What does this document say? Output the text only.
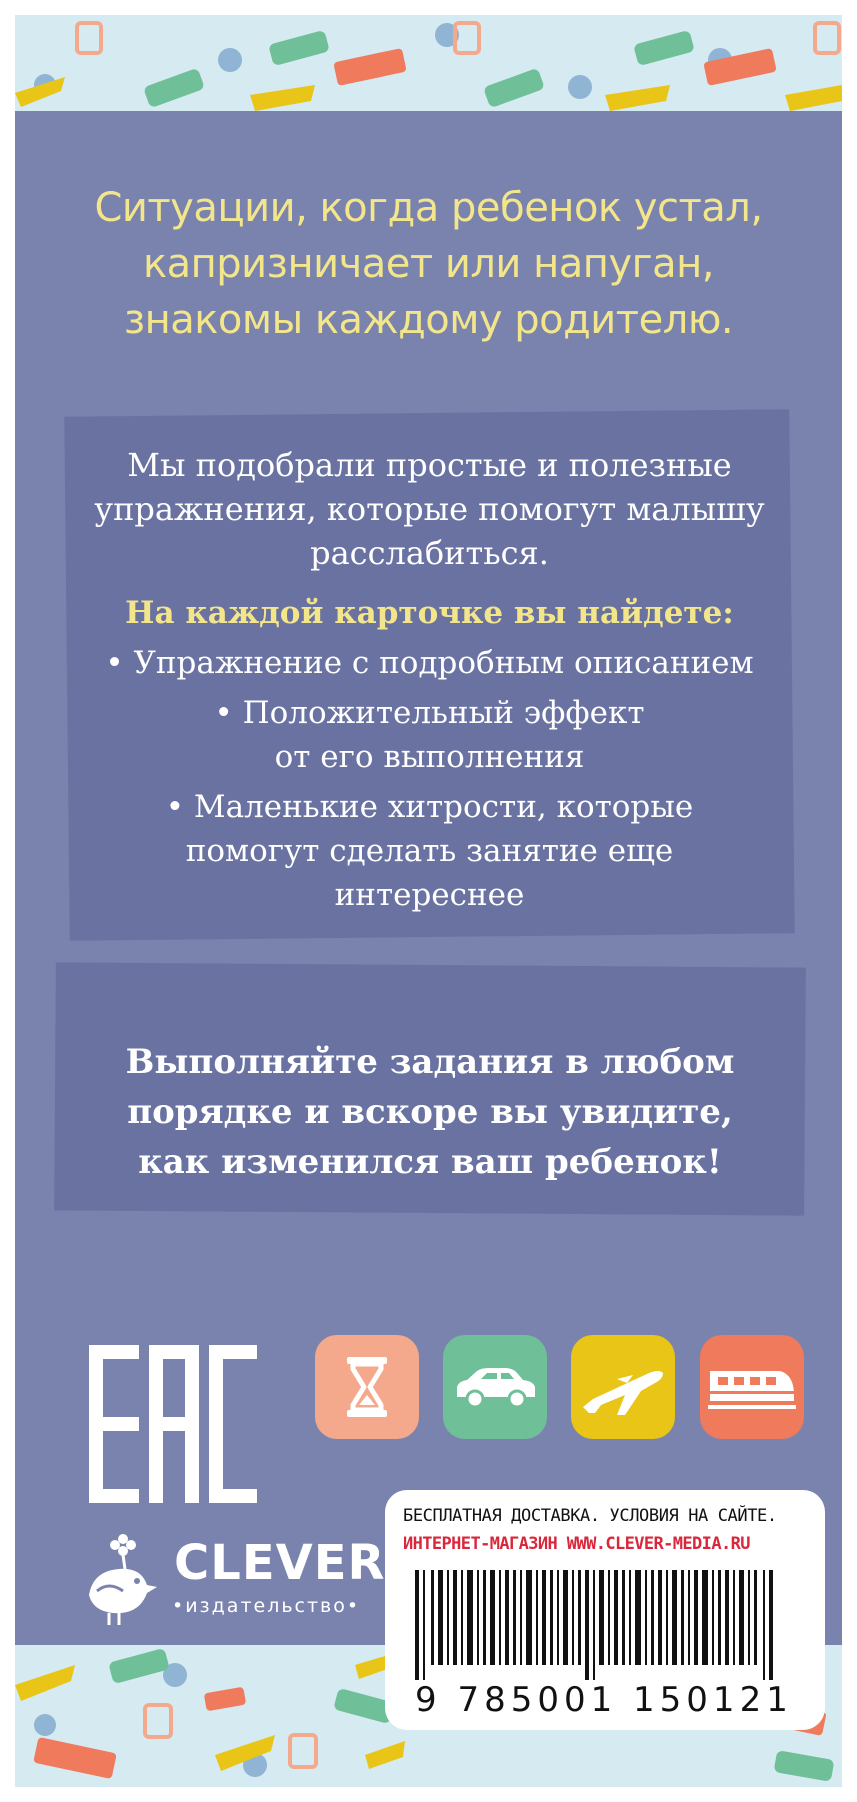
Ситуации, когда ребенок устал,
капризничает или напуган,
знакомы каждому родителю.
Мы подобрали простые и полезные
упражнения, которые помогут малышу
расслабиться.
На каждой карточке вы найдете:
• Упражнение с подробным описанием
• Положительный эффект
от его выполнения
• Маленькие хитрости, которые
помогут сделать занятие еще
интереснее
Выполняйте задания в любом
порядке и вскоре вы увидите,
как изменился ваш ребенок!
CLEVER
•издательство•
БЕСПЛАТНАЯ ДОСТАВКА. УСЛОВИЯ НА САЙТЕ.
ИНТЕРНЕТ-МАГАЗИН WWW.CLEVER-MEDIA.RU
9 785001 150121
